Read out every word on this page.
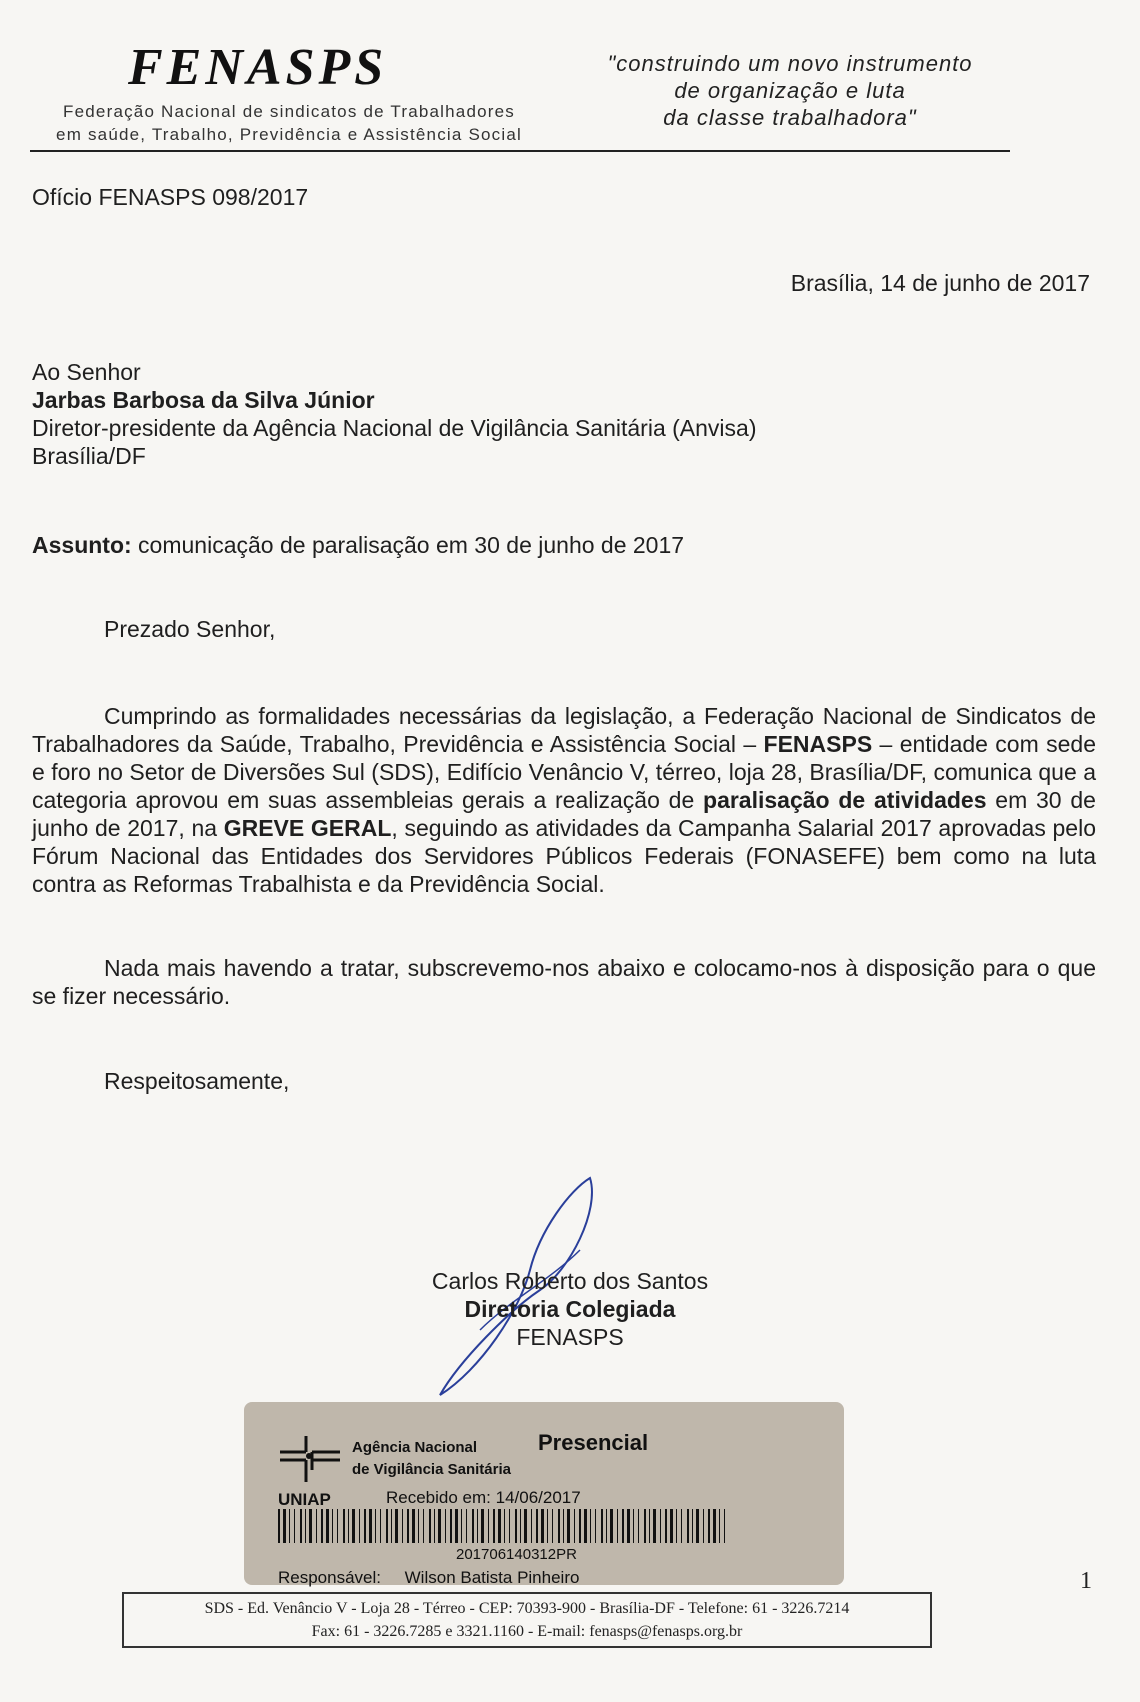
FENASPS
Federação Nacional de sindicatos de Trabalhadores
em saúde, Trabalho, Previdência e Assistência Social
"construindo um novo instrumento
de organização e luta
da classe trabalhadora"
Ofício FENASPS 098/2017
Brasília, 14 de junho de 2017
Ao Senhor
Jarbas Barbosa da Silva Júnior
Diretor-presidente da Agência Nacional de Vigilância Sanitária (Anvisa)
Brasília/DF
Assunto: comunicação de paralisação em 30 de junho de 2017
Prezado Senhor,
Cumprindo as formalidades necessárias da legislação, a Federação Nacional de Sindicatos de Trabalhadores da Saúde, Trabalho, Previdência e Assistência Social – FENASPS – entidade com sede e foro no Setor de Diversões Sul (SDS), Edifício Venâncio V, térreo, loja 28, Brasília/DF, comunica que a categoria aprovou em suas assembleias gerais a realização de paralisação de atividades em 30 de junho de 2017, na GREVE GERAL, seguindo as atividades da Campanha Salarial 2017 aprovadas pelo Fórum Nacional das Entidades dos Servidores Públicos Federais (FONASEFE) bem como na luta contra as Reformas Trabalhista e da Previdência Social.
Nada mais havendo a tratar, subscrevemo-nos abaixo e colocamo-nos à disposição para o que se fizer necessário.
Respeitosamente,
Carlos Roberto dos Santos
Diretoria Colegiada
FENASPS
Agência Nacional
de Vigilância Sanitária
Presencial
UNIAP	Recebido em: 14/06/2017
201706140312PR
Responsável: Wilson Batista Pinheiro	1
SDS - Ed. Venâncio V - Loja 28 - Térreo - CEP: 70393-900 - Brasília-DF - Telefone: 61 - 3226.7214
Fax: 61 - 3226.7285 e 3321.1160 - E-mail: fenasps@fenasps.org.br
